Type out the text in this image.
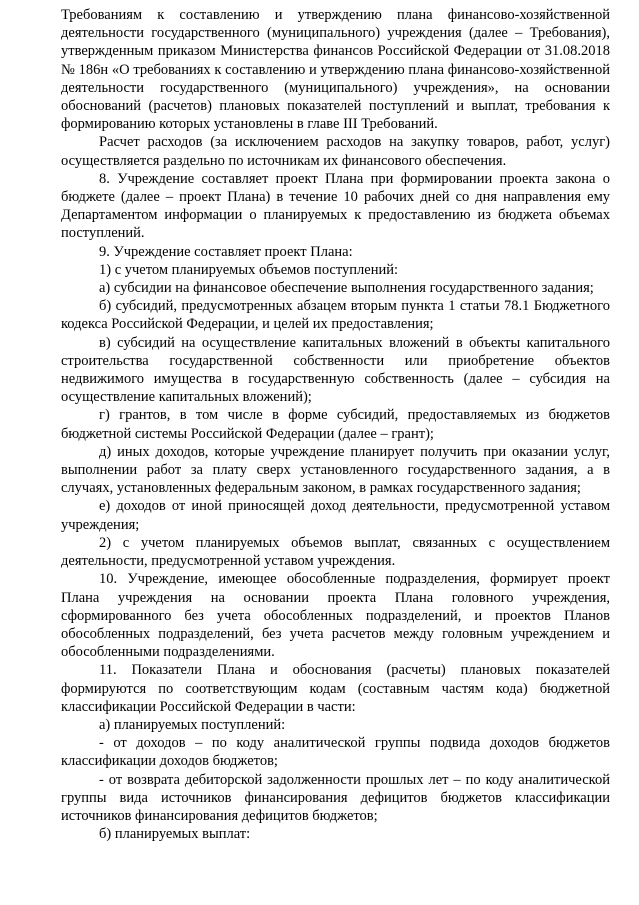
Требованиям к составлению и утверждению плана финансово-хозяйственной деятельности государственного (муниципального) учреждения (далее – Требования), утвержденным приказом Министерства финансов Российской Федерации от 31.08.2018 № 186н «О требованиях к составлению и утверждению плана финансово-хозяйственной деятельности государственного (муниципального) учреждения», на основании обоснований (расчетов) плановых показателей поступлений и выплат, требования к формированию которых установлены в главе III Требований.

Расчет расходов (за исключением расходов на закупку товаров, работ, услуг) осуществляется раздельно по источникам их финансового обеспечения.

8. Учреждение составляет проект Плана при формировании проекта закона о бюджете (далее – проект Плана) в течение 10 рабочих дней со дня направления ему Департаментом информации о планируемых к предоставлению из бюджета объемах поступлений.

9. Учреждение составляет проект Плана:

1) с учетом планируемых объемов поступлений:

а) субсидии на финансовое обеспечение выполнения государственного задания;

б) субсидий, предусмотренных абзацем вторым пункта 1 статьи 78.1 Бюджетного кодекса Российской Федерации, и целей их предоставления;

в) субсидий на осуществление капитальных вложений в объекты капитального строительства государственной собственности или приобретение объектов недвижимого имущества в государственную собственность (далее – субсидия на осуществление капитальных вложений);

г) грантов, в том числе в форме субсидий, предоставляемых из бюджетов бюджетной системы Российской Федерации (далее – грант);

д) иных доходов, которые учреждение планирует получить при оказании услуг, выполнении работ за плату сверх установленного государственного задания, а в случаях, установленных федеральным законом, в рамках государственного задания;

е) доходов от иной приносящей доход деятельности, предусмотренной уставом учреждения;

2) с учетом планируемых объемов выплат, связанных с осуществлением деятельности, предусмотренной уставом учреждения.

10. Учреждение, имеющее обособленные подразделения, формирует проект Плана учреждения на основании проекта Плана головного учреждения, сформированного без учета обособленных подразделений, и проектов Планов обособленных подразделений, без учета расчетов между головным учреждением и обособленными подразделениями.

11. Показатели Плана и обоснования (расчеты) плановых показателей формируются по соответствующим кодам (составным частям кода) бюджетной классификации Российской Федерации в части:

а) планируемых поступлений:

- от доходов – по коду аналитической группы подвида доходов бюджетов классификации доходов бюджетов;

- от возврата дебиторской задолженности прошлых лет – по коду аналитической группы вида источников финансирования дефицитов бюджетов классификации источников финансирования дефицитов бюджетов;

б) планируемых выплат:
